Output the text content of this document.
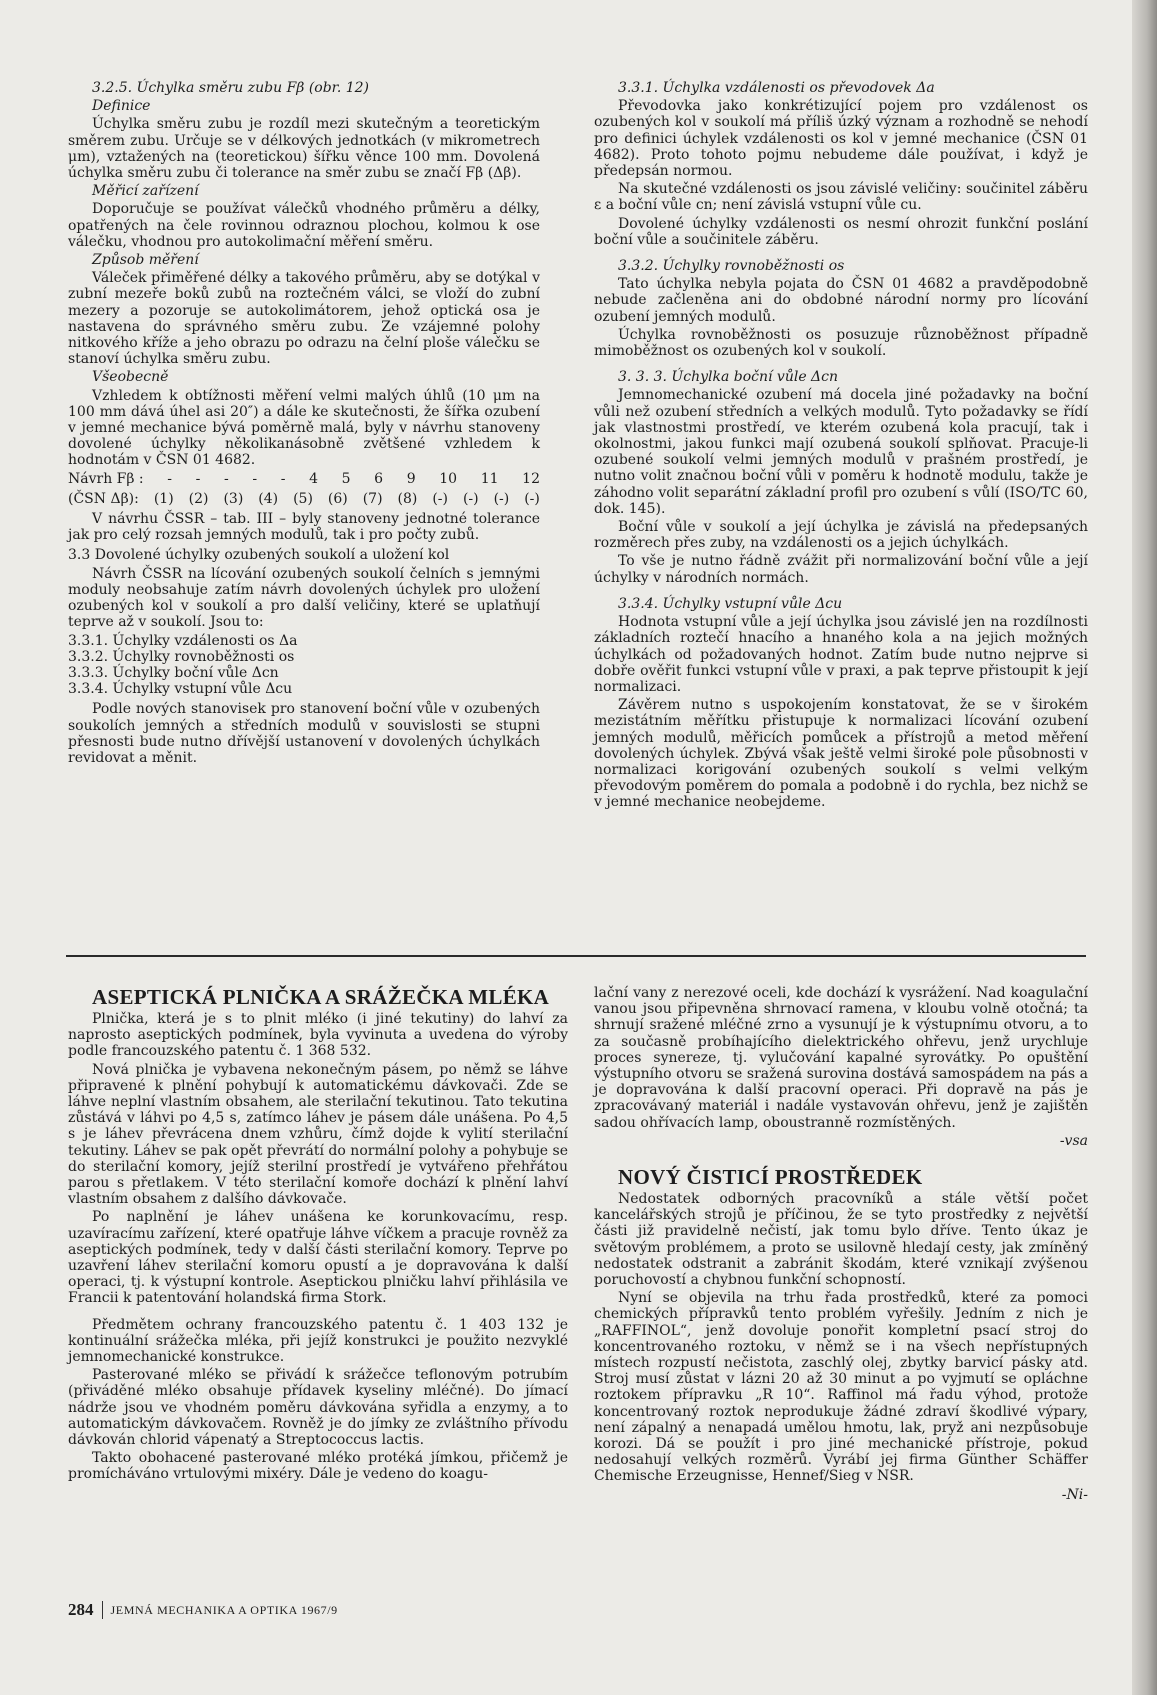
3.2.5. Úchylka směru zubu Fβ (obr. 12)

Definice

Úchylka směru zubu je rozdíl mezi skutečným a teoretickým směrem zubu. Určuje se v délkových jednotkách (v mikrometrech μm), vztažených na (teoretickou) šířku věnce 100 mm. Dovolená úchylka směru zubu či tolerance na směr zubu se značí Fβ (Δβ).

Měřicí zařízení

Doporučuje se používat válečků vhodného průměru a délky, opatřených na čele rovinnou odraznou plochou, kolmou k ose válečku, vhodnou pro autokolimační měření směru.

Způsob měření

Váleček přiměřené délky a takového průměru, aby se dotýkal v zubní mezeře boků zubů na roztečném válci, se vloží do zubní mezery a pozoruje se autokolimátorem, jehož optická osa je nastavena do správného směru zubu. Ze vzájemné polohy nitkového kříže a jeho obrazu po odrazu na čelní ploše válečku se stanoví úchylka směru zubu.

Všeobecně

Vzhledem k obtížnosti měření velmi malých úhlů (10 μm na 100 mm dává úhel asi 20″) a dále ke skutečnosti, že šířka ozubení v jemné mechanice bývá poměrně malá, byly v návrhu stanoveny dovolené úchylky několikanásobně zvětšené vzhledem k hodnotám v ČSN 01 4682.

Návrh Fβ : - - - - - 4 5 6 9 10 11 12
(ČSN Δβ): (1) (2) (3) (4) (5) (6) (7) (8) (-) (-) (-) (-)

V návrhu ČSSR – tab. III – byly stanoveny jednotné tolerance jak pro celý rozsah jemných modulů, tak i pro počty zubů.

3.3 Dovolené úchylky ozubených soukolí a uložení kol

Návrh ČSSR na lícování ozubených soukolí čelních s jemnými moduly neobsahuje zatím návrh dovolených úchylek pro uložení ozubených kol v soukolí a pro další veličiny, které se uplatňují teprve až v soukolí. Jsou to:

3.3.1. Úchylky vzdálenosti os Δa
3.3.2. Úchylky rovnoběžnosti os
3.3.3. Úchylky boční vůle Δcn
3.3.4. Úchylky vstupní vůle Δcu

Podle nových stanovisek pro stanovení boční vůle v ozubených soukolích jemných a středních modulů v souvislosti se stupni přesnosti bude nutno dřívější ustanovení v dovolených úchylkách revidovat a měnit.

3.3.1. Úchylka vzdálenosti os převodovek Δa

Převodovka jako konkrétizující pojem pro vzdálenost os ozubených kol v soukolí má příliš úzký význam a rozhodně se nehodí pro definici úchylek vzdálenosti os kol v jemné mechanice (ČSN 01 4682). Proto tohoto pojmu nebudeme dále používat, i když je předepsán normou.

Na skutečné vzdálenosti os jsou závislé veličiny: součinitel záběru ε a boční vůle cn; není závislá vstupní vůle cu.

Dovolené úchylky vzdálenosti os nesmí ohrozit funkční poslání boční vůle a součinitele záběru.

3.3.2. Úchylky rovnoběžnosti os

Tato úchylka nebyla pojata do ČSN 01 4682 a pravděpodobně nebude začleněna ani do obdobné národní normy pro lícování ozubení jemných modulů.

Úchylka rovnoběžnosti os posuzuje různoběžnost případně mimoběžnost os ozubených kol v soukolí.

3. 3. 3. Úchylka boční vůle Δcn

Jemnomechanické ozubení má docela jiné požadavky na boční vůli než ozubení středních a velkých modulů. Tyto požadavky se řídí jak vlastnostmi prostředí, ve kterém ozubená kola pracují, tak i okolnostmi, jakou funkci mají ozubená soukolí splňovat. Pracuje-li ozubené soukolí velmi jemných modulů v prašném prostředí, je nutno volit značnou boční vůli v poměru k hodnotě modulu, takže je záhodno volit separátní základní profil pro ozubení s vůlí (ISO/TC 60, dok. 145).

Boční vůle v soukolí a její úchylka je závislá na předepsaných rozměrech přes zuby, na vzdálenosti os a jejich úchylkách.

To vše je nutno řádně zvážit při normalizování boční vůle a její úchylky v národních normách.

3.3.4. Úchylky vstupní vůle Δcu

Hodnota vstupní vůle a její úchylka jsou závislé jen na rozdílnosti základních roztečí hnacího a hnaného kola a na jejich možných úchylkách od požadovaných hodnot. Zatím bude nutno nejprve si dobře ověřit funkci vstupní vůle v praxi, a pak teprve přistoupit k její normalizaci.

Závěrem nutno s uspokojením konstatovat, že se v širokém mezistátním měřítku přistupuje k normalizaci lícování ozubení jemných modulů, měřicích pomůcek a přístrojů a metod měření dovolených úchylek. Zbývá však ještě velmi široké pole působnosti v normalizaci korigování ozubených soukolí s velmi velkým převodovým poměrem do pomala a podobně i do rychla, bez nichž se v jemné mechanice neobejdeme.

ASEPTICKÁ PLNIČKA A SRÁŽEČKA MLÉKA

Plnička, která je s to plnit mléko (i jiné tekutiny) do lahví za naprosto aseptických podmínek, byla vyvinuta a uvedena do výroby podle francouzského patentu č. 1 368 532.

Nová plnička je vybavena nekonečným pásem, po němž se láhve připravené k plnění pohybují k automatickému dávkovači. Zde se láhve neplní vlastním obsahem, ale sterilační tekutinou. Tato tekutina zůstává v láhvi po 4,5 s, zatímco láhev je pásem dále unášena. Po 4,5 s je láhev převrácena dnem vzhůru, čímž dojde k vylití sterilační tekutiny. Láhev se pak opět převrátí do normální polohy a pohybuje se do sterilační komory, jejíž sterilní prostředí je vytvářeno přehřátou parou s přetlakem. V této sterilační komoře dochází k plnění lahví vlastním obsahem z dalšího dávkovače.

Po naplnění je láhev unášena ke korunkovacímu, resp. uzavíracímu zařízení, které opatřuje láhve víčkem a pracuje rovněž za aseptických podmínek, tedy v další části sterilační komory. Teprve po uzavření láhev sterilační komoru opustí a je dopravována k další operaci, tj. k výstupní kontrole. Aseptickou plničku lahví přihlásila ve Francii k patentování holandská firma Stork.

Předmětem ochrany francouzského patentu č. 1 403 132 je kontinuální srážečka mléka, při jejíž konstrukci je použito nezvyklé jemnomechanické konstrukce.

Pasterované mléko se přivádí k srážečce teflonovým potrubím (přiváděné mléko obsahuje přídavek kyseliny mléčné). Do jímací nádrže jsou ve vhodném poměru dávkována syřidla a enzymy, a to automatickým dávkovačem. Rovněž je do jímky ze zvláštního přívodu dávkován chlorid vápenatý a Streptococcus lactis.

Takto obohacené pasterované mléko protéká jímkou, přičemž je promícháváno vrtulovými mixéry. Dále je vedeno do koagu-

lační vany z nerezové oceli, kde dochází k vysrážení. Nad koagulační vanou jsou připevněna shrnovací ramena, v kloubu volně otočná; ta shrnují sražené mléčné zrno a vysunují je k výstupnímu otvoru, a to za současně probíhajícího dielektrického ohřevu, jenž urychluje proces synereze, tj. vylučování kapalné syrovátky. Po opuštění výstupního otvoru se sražená surovina dostává samospádem na pás a je dopravována k další pracovní operaci. Při dopravě na pás je zpracovávaný materiál i nadále vystavován ohřevu, jenž je zajištěn sadou ohřívacích lamp, oboustranně rozmístěných.

-vsa

NOVÝ ČISTICÍ PROSTŘEDEK

Nedostatek odborných pracovníků a stále větší počet kancelářských strojů je příčinou, že se tyto prostředky z největší části již pravidelně nečistí, jak tomu bylo dříve. Tento úkaz je světovým problémem, a proto se usilovně hledají cesty, jak zmíněný nedostatek odstranit a zabránit škodám, které vznikají zvýšenou poruchovostí a chybnou funkční schopností.

Nyní se objevila na trhu řada prostředků, které za pomoci chemických přípravků tento problém vyřešily. Jedním z nich je „RAFFINOL“, jenž dovoluje ponořit kompletní psací stroj do koncentrovaného roztoku, v němž se i na všech nepřístupných místech rozpustí nečistota, zaschlý olej, zbytky barvicí pásky atd. Stroj musí zůstat v lázni 20 až 30 minut a po vyjmutí se opláchne roztokem přípravku „R 10“. Raffinol má řadu výhod, protože koncentrovaný roztok neprodukuje žádné zdraví škodlivé výpary, není zápalný a nenapadá umělou hmotu, lak, pryž ani nezpůsobuje korozi. Dá se použít i pro jiné mechanické přístroje, pokud nedosahují velkých rozměrů. Vyrábí jej firma Günther Schäffer Chemische Erzeugnisse, Hennef/Sieg v NSR.

-Ni-

284 JEMNÁ MECHANIKA A OPTIKA 1967/9
